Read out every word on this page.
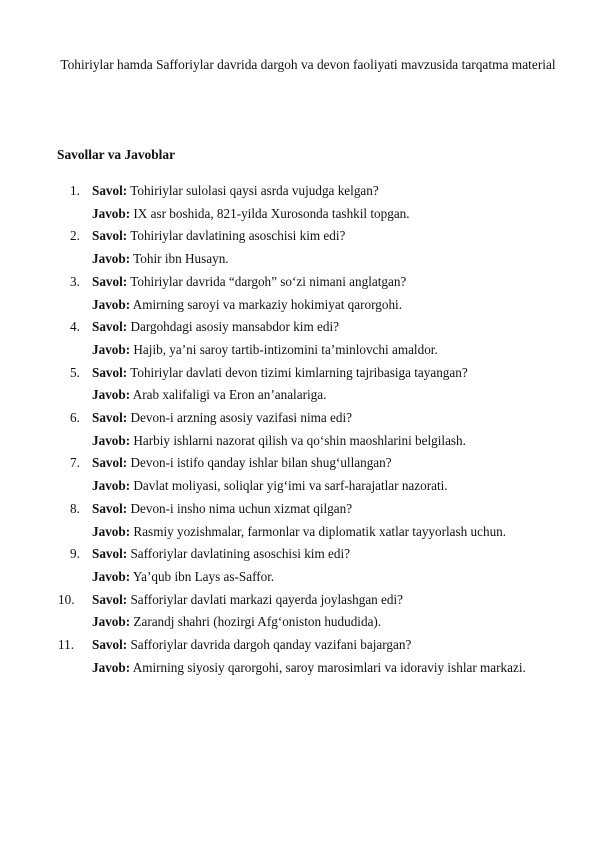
Tohiriylar hamda Safforiylar davrida dargoh va devon faoliyati mavzusida tarqatma material
Savollar va Javoblar
1. Savol: Tohiriylar sulolasi qaysi asrda vujudga kelgan?
Javob: IX asr boshida, 821-yilda Xurosonda tashkil topgan.
2. Savol: Tohiriylar davlatining asoschisi kim edi?
Javob: Tohir ibn Husayn.
3. Savol: Tohiriylar davrida “dargoh” so‘zi nimani anglatgan?
Javob: Amirning saroyi va markaziy hokimiyat qarorgohi.
4. Savol: Dargohdagi asosiy mansabdor kim edi?
Javob: Hajib, ya’ni saroy tartib-intizomini ta’minlovchi amaldor.
5. Savol: Tohiriylar davlati devon tizimi kimlarning tajribasiga tayangan?
Javob: Arab xalifaligi va Eron an’analariga.
6. Savol: Devon-i arzning asosiy vazifasi nima edi?
Javob: Harbiy ishlarni nazorat qilish va qo‘shin maoshlarini belgilash.
7. Savol: Devon-i istifo qanday ishlar bilan shug‘ullangan?
Javob: Davlat moliyasi, soliqlar yig‘imi va sarf-harajatlar nazorati.
8. Savol: Devon-i insho nima uchun xizmat qilgan?
Javob: Rasmiy yozishmalar, farmonlar va diplomatik xatlar tayyorlash uchun.
9. Savol: Safforiylar davlatining asoschisi kim edi?
Javob: Ya’qub ibn Lays as-Saffor.
10. Savol: Safforiylar davlati markazi qayerda joylashgan edi?
Javob: Zarandj shahri (hozirgi Afg‘oniston hududida).
11. Savol: Safforiylar davrida dargoh qanday vazifani bajargan?
Javob: Amirning siyosiy qarorgohi, saroy marosimlari va idoraviy ishlar markazi.
